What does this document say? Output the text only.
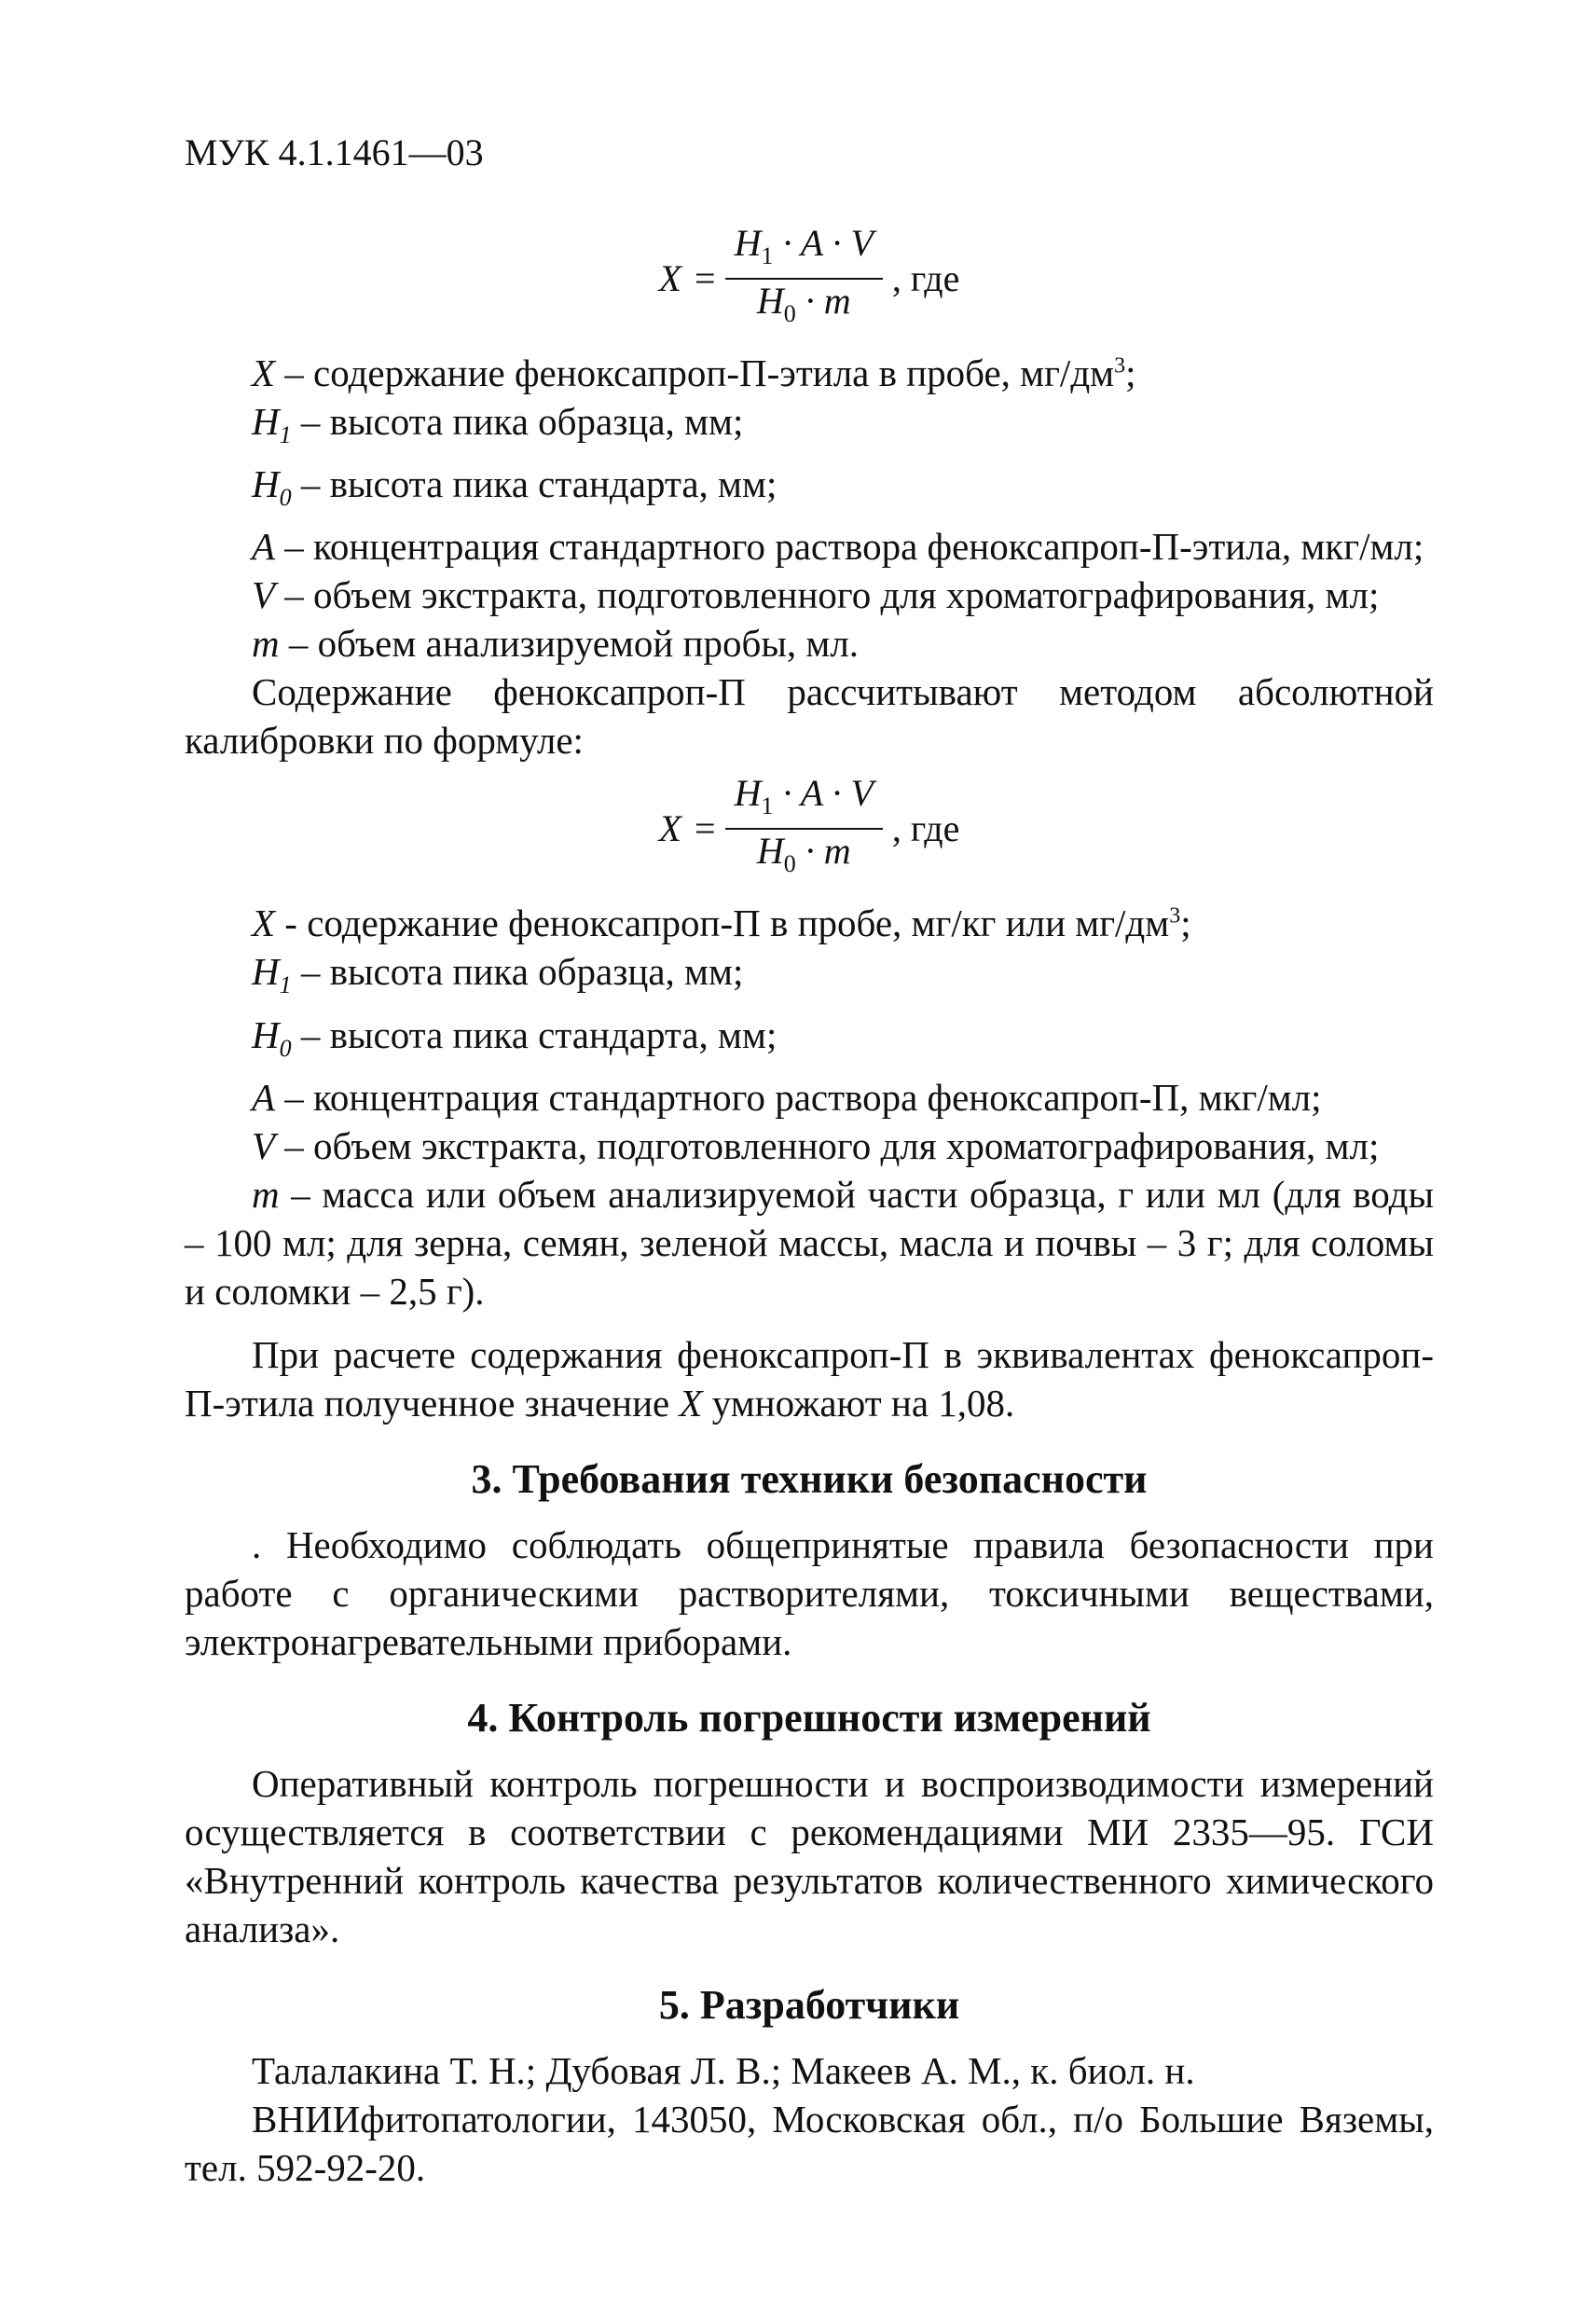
МУК 4.1.1461—03
$X = \frac{H_1 \cdot A \cdot V}{H_0 \cdot m}$ , где

X – содержание феноксапроп-П-этила в пробе, $мг/дм^3$;

$H_1$ – высота пика образца, мм;

$H_0$ – высота пика стандарта, мм;

A – концентрация стандартного раствора феноксапроп-П-этила, мкг/мл;

V – объем экстракта, подготовленного для хроматографирования, мл;

m – объем анализируемой пробы, мл.

Содержание феноксапроп-П рассчитывают методом абсолютной калибровки по формуле:

$X = \frac{H_1 \cdot A \cdot V}{H_0 \cdot m}$ , где

X - содержание феноксапроп-П в пробе, мг/кг или $мг/дм^3$;

$H_1$ – высота пика образца, мм;

$H_0$ – высота пика стандарта, мм;

A – концентрация стандартного раствора феноксапроп-П, мкг/мл;

V – объем экстракта, подготовленного для хроматографирования, мл;

m – масса или объем анализируемой части образца, г или мл (для воды – 100 мл; для зерна, семян, зеленой массы, масла и почвы – 3 г; для соломы и соломки – 2,5 г).

При расчете содержания феноксапроп-П в эквивалентах феноксапроп-П-этила полученное значение X умножают на 1,08.

3. Требования техники безопасности

. Необходимо соблюдать общепринятые правила безопасности при работе с органическими растворителями, токсичными веществами, электронагревательными приборами.

4. Контроль погрешности измерений

Оперативный контроль погрешности и воспроизводимости измерений осуществляется в соответствии с рекомендациями МИ 2335—95. ГСИ «Внутренний контроль качества результатов количественного химического анализа».

5. Разработчики

Талалакина Т. Н.; Дубовая Л. В.; Макеев А. М., к. биол. н.

ВНИИфитопатологии, 143050, Московская обл., п/о Большие Вяземы, тел. 592-92-20.
